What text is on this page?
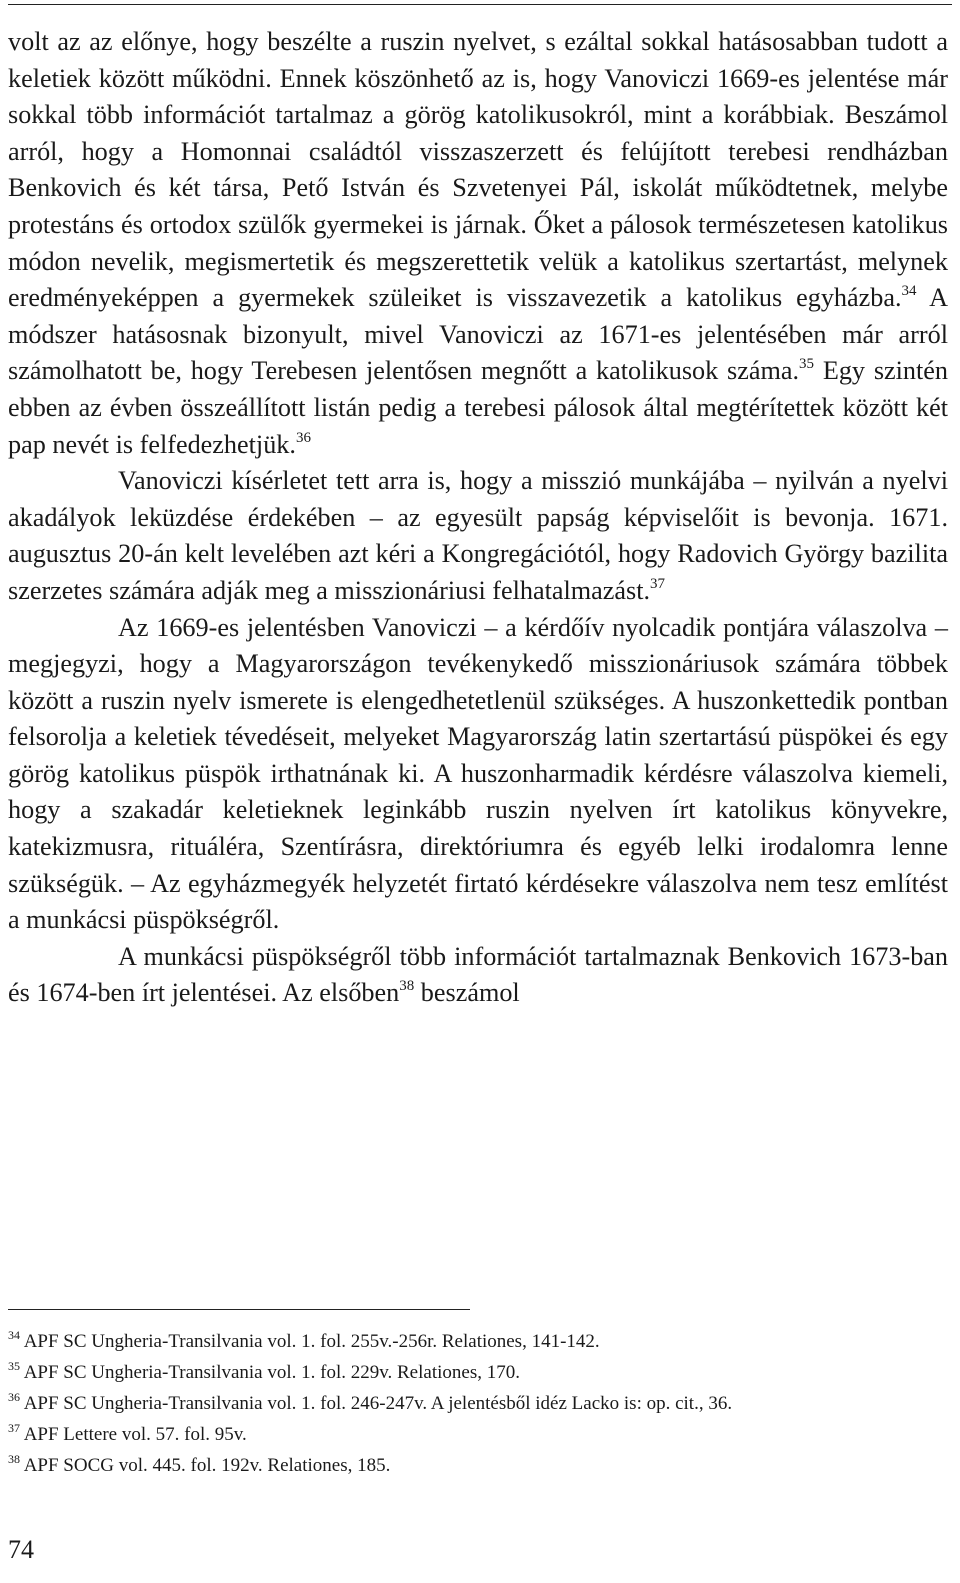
volt az az előnye, hogy beszélte a ruszin nyelvet, s ezáltal sokkal hatásosabban tudott a keletiek között működni. Ennek köszönhető az is, hogy Vanoviczi 1669-es jelentése már sokkal több információt tartalmaz a görög katolikusokról, mint a korábbiak. Beszámol arról, hogy a Homonnai családtól visszaszerzett és felújított terebesi rendházban Benkovich és két társa, Pető István és Szvetenyei Pál, iskolát működtetnek, melybe protestáns és ortodox szülők gyermekei is járnak. Őket a pálosok természetesen katolikus módon nevelik, megismertetik és megszerettetik velük a katolikus szertartást, melynek eredményeképpen a gyermekek szüleiket is visszavezetik a katolikus egyházba.$^{34}$ A módszer hatásosnak bizonyult, mivel Vanoviczi az 1671-es jelentésében már arról számolhatott be, hogy Terebesen jelentősen megnőtt a katolikusok száma.$^{35}$ Egy szintén ebben az évben összeállított listán pedig a terebesi pálosok által megtérítettek között két pap nevét is felfedezhetjük.$^{36}$

Vanoviczi kísérletet tett arra is, hogy a misszió munkájába – nyilván a nyelvi akadályok leküzdése érdekében – az egyesült papság képviselőit is bevonja. 1671. augusztus 20-án kelt levelében azt kéri a Kongregációtól, hogy Radovich György bazilita szerzetes számára adják meg a misszionáriusi felhatalmazást.$^{37}$

Az 1669-es jelentésben Vanoviczi – a kérdőív nyolcadik pontjára válaszolva – megjegyzi, hogy a Magyarországon tevékenykedő misszionáriusok számára többek között a ruszin nyelv ismerete is elengedhetetlenül szükséges. A huszonkettedik pontban felsorolja a keletiek tévedéseit, melyeket Magyarország latin szertartású püspökei és egy görög katolikus püspök irthatnának ki. A huszonharmadik kérdésre válaszolva kiemeli, hogy a szakadár keletieknek leginkább ruszin nyelven írt katolikus könyvekre, katekizmusra, rituáléra, Szentírásra, direktóriumra és egyéb lelki irodalomra lenne szükségük. – Az egyházmegyék helyzetét firtató kérdésekre válaszolva nem tesz említést a munkácsi püspökségről.

A munkácsi püspökségről több információt tartalmaznak Benkovich 1673-ban és 1674-ben írt jelentései. Az elsőben$^{38}$ beszámol

$^{34}$ APF SC Ungheria-Transilvania vol. 1. fol. 255v.-256r. Relationes, 141-142.
$^{35}$ APF SC Ungheria-Transilvania vol. 1. fol. 229v. Relationes, 170.
$^{36}$ APF SC Ungheria-Transilvania vol. 1. fol. 246-247v. A jelentésből idéz Lacko is: op. cit., 36.
$^{37}$ APF Lettere vol. 57. fol. 95v.
$^{38}$ APF SOCG vol. 445. fol. 192v. Relationes, 185.
74
